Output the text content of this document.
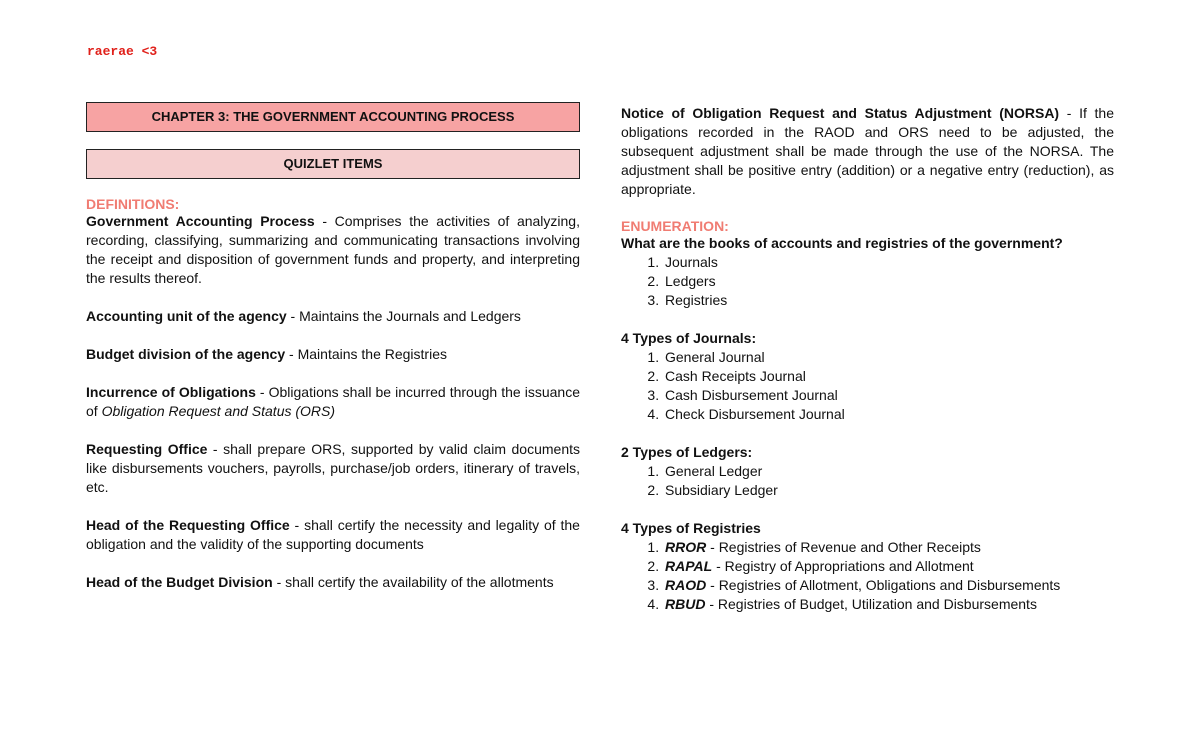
raerae <3
CHAPTER 3: THE GOVERNMENT ACCOUNTING PROCESS
QUIZLET ITEMS
DEFINITIONS:

Government Accounting Process - Comprises the activities of analyzing, recording, classifying, summarizing and communicating transactions involving the receipt and disposition of government funds and property, and interpreting the results thereof.

Accounting unit of the agency - Maintains the Journals and Ledgers

Budget division of the agency - Maintains the Registries

Incurrence of Obligations - Obligations shall be incurred through the issuance of Obligation Request and Status (ORS)

Requesting Office - shall prepare ORS, supported by valid claim documents like disbursements vouchers, payrolls, purchase/job orders, itinerary of travels, etc.

Head of the Requesting Office - shall certify the necessity and legality of the obligation and the validity of the supporting documents

Head of the Budget Division - shall certify the availability of the allotments

Notice of Obligation Request and Status Adjustment (NORSA) - If the obligations recorded in the RAOD and ORS need to be adjusted, the subsequent adjustment shall be made through the use of the NORSA. The adjustment shall be positive entry (addition) or a negative entry (reduction), as appropriate.

ENUMERATION:
What are the books of accounts and registries of the government?
1. Journals
2. Ledgers
3. Registries
4 Types of Journals:
1. General Journal
2. Cash Receipts Journal
3. Cash Disbursement Journal
4. Check Disbursement Journal
2 Types of Ledgers:
1. General Ledger
2. Subsidiary Ledger
4 Types of Registries
1. RROR - Registries of Revenue and Other Receipts
2. RAPAL - Registry of Appropriations and Allotment
3. RAOD - Registries of Allotment, Obligations and Disbursements
4. RBUD - Registries of Budget, Utilization and Disbursements
